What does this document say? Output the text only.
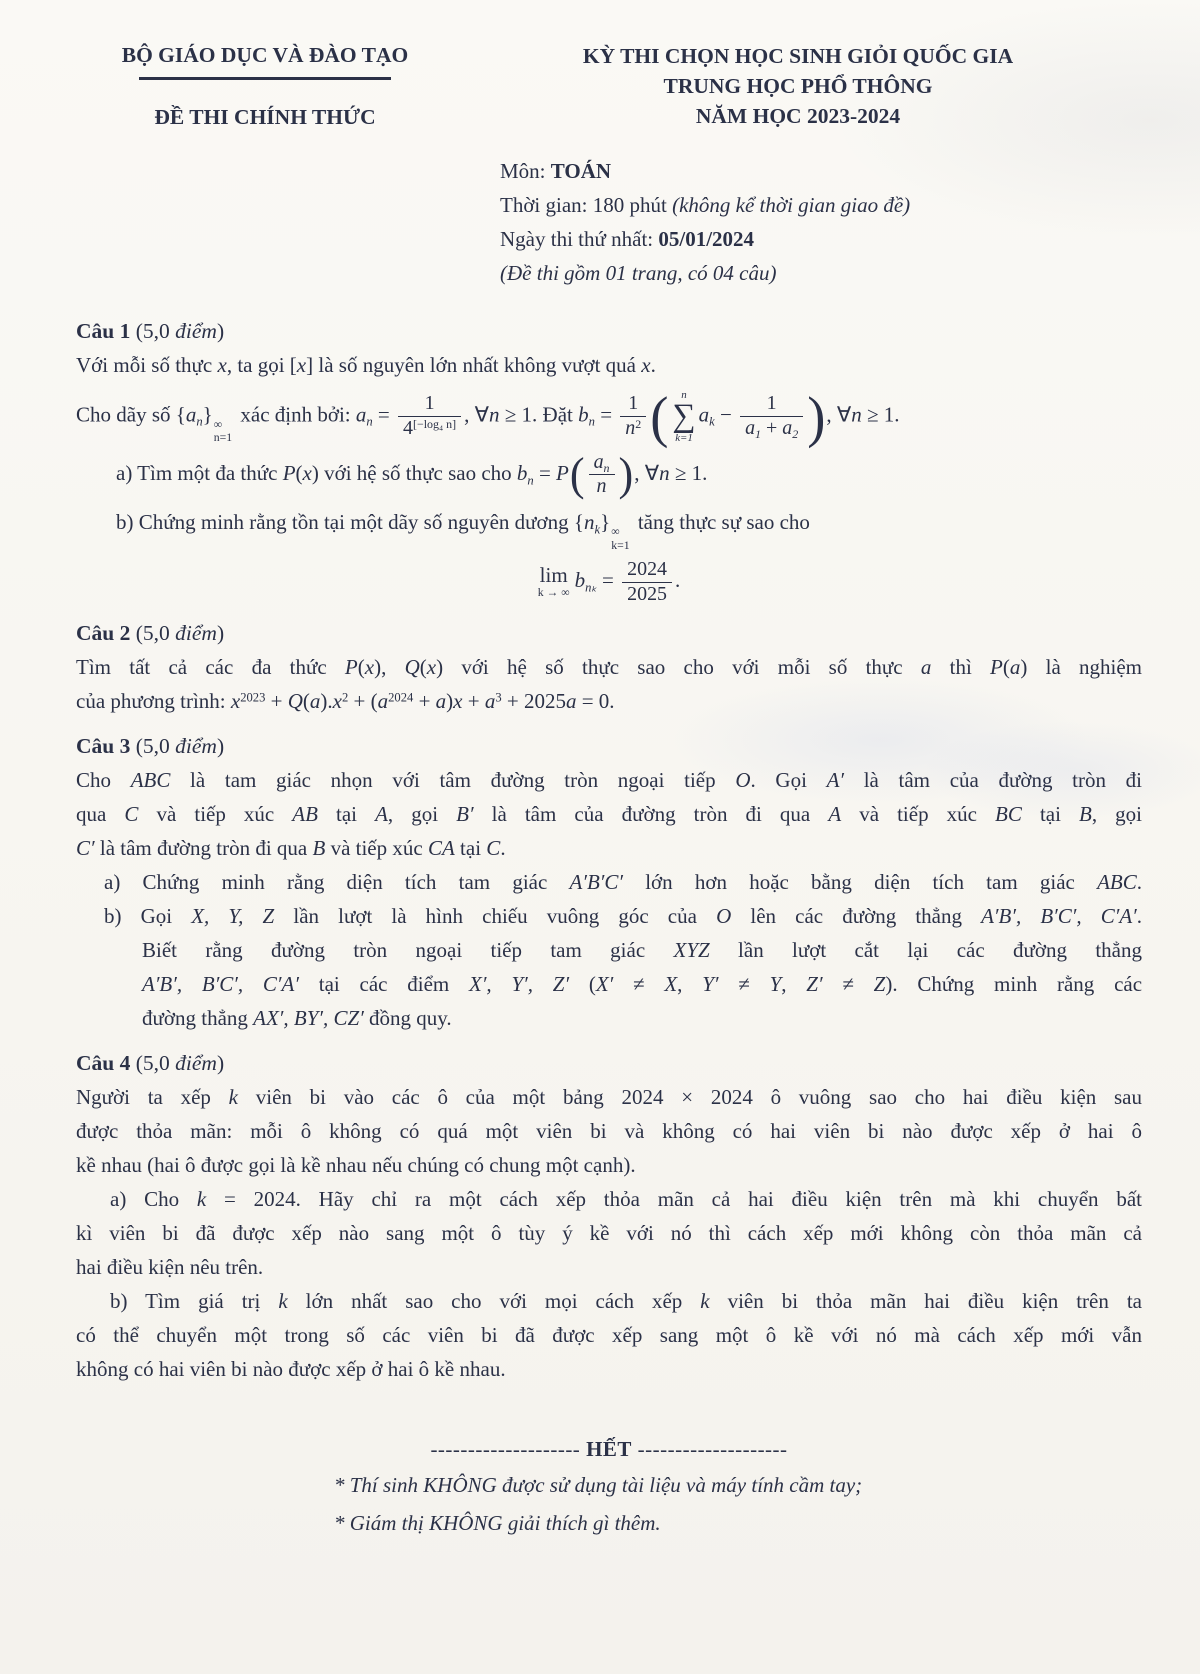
BỘ GIÁO DỤC VÀ ĐÀO TẠO
ĐỀ THI CHÍNH THỨC
KỲ THI CHỌN HỌC SINH GIỎI QUỐC GIA
TRUNG HỌC PHỔ THÔNG
NĂM HỌC 2023-2024
Môn: TOÁN
Thời gian: 180 phút (không kể thời gian giao đề)
Ngày thi thứ nhất: 05/01/2024
(Đề thi gồm 01 trang, có 04 câu)
Câu 1 (5,0 điểm)
Với mỗi số thực x, ta gọi [x] là số nguyên lớn nhất không vượt quá x.
Cho dãy số $\{a_n\}$ ∞
n=1
xác định bởi: $a_n = \frac{1}{4^{[-log_4 n]}}$ , ∀n ≥ 1. Đặt $b_n = \frac{1}{n^2}$ ( n
∑
k=1
$a_k - \frac{1}{a_1 + a_2}$ ), ∀n ≥ 1.
a) Tìm một đa thức P(x) với hệ số thực sao cho $b_n = P( \frac{a_n}{n}$ ), ∀n ≥ 1.
b) Chứng minh rằng tồn tại một dãy số nguyên dương $\{n_k\}$ ∞
k=1
tăng thực sự sao cho
lim
k → ∞
$b_{n_k} = \frac{2024}{2025}$ .
Câu 2 (5,0 điểm)
Tìm tất cả các đa thức P(x), Q(x) với hệ số thực sao cho với mỗi số thực a thì P(a) là nghiệm
của phương trình: $x^{2023} + Q(a).x^2 + (a^{2024} + a)x + a^3 + 2025a = 0$.
Câu 3 (5,0 điểm)
Cho ABC là tam giác nhọn với tâm đường tròn ngoại tiếp O. Gọi A′ là tâm của đường tròn đi
qua C và tiếp xúc AB tại A, gọi B′ là tâm của đường tròn đi qua A và tiếp xúc BC tại B, gọi
C′ là tâm đường tròn đi qua B và tiếp xúc CA tại C.
a) Chứng minh rằng diện tích tam giác A′B′C′ lớn hơn hoặc bằng diện tích tam giác ABC.
b) Gọi X, Y, Z lần lượt là hình chiếu vuông góc của O lên các đường thẳng A′B′, B′C′, C′A′.
Biết rằng đường tròn ngoại tiếp tam giác XYZ lần lượt cắt lại các đường thẳng
A′B′, B′C′, C′A′ tại các điểm X′, Y′, Z′ (X′ ≠ X, Y′ ≠ Y, Z′ ≠ Z). Chứng minh rằng các
đường thẳng AX′, BY′, CZ′ đồng quy.
Câu 4 (5,0 điểm)
Người ta xếp k viên bi vào các ô của một bảng 2024 × 2024 ô vuông sao cho hai điều kiện sau
được thỏa mãn: mỗi ô không có quá một viên bi và không có hai viên bi nào được xếp ở hai ô
kề nhau (hai ô được gọi là kề nhau nếu chúng có chung một cạnh).
a) Cho k = 2024. Hãy chỉ ra một cách xếp thỏa mãn cả hai điều kiện trên mà khi chuyển bất
kì viên bi đã được xếp nào sang một ô tùy ý kề với nó thì cách xếp mới không còn thỏa mãn cả
hai điều kiện nêu trên.
b) Tìm giá trị k lớn nhất sao cho với mọi cách xếp k viên bi thỏa mãn hai điều kiện trên ta
có thể chuyển một trong số các viên bi đã được xếp sang một ô kề với nó mà cách xếp mới vẫn
không có hai viên bi nào được xếp ở hai ô kề nhau.
-------------------- HẾT --------------------
* Thí sinh KHÔNG được sử dụng tài liệu và máy tính cầm tay;
* Giám thị KHÔNG giải thích gì thêm.
